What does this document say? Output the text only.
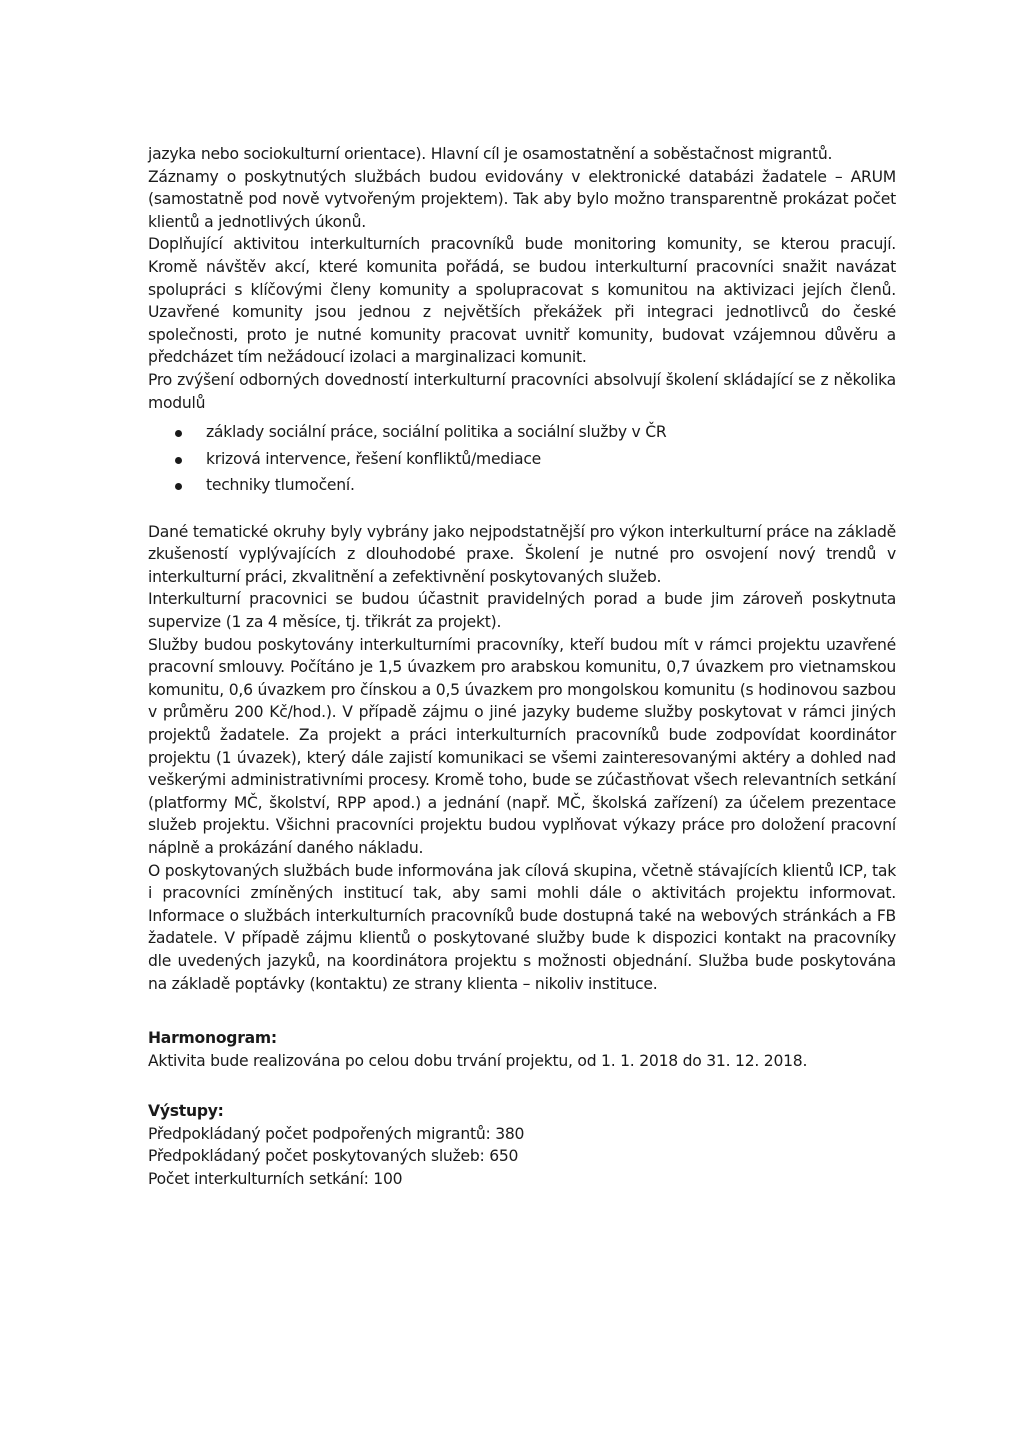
jazyka nebo sociokulturní orientace). Hlavní cíl je osamostatnění a soběstačnost migrantů.

Záznamy o poskytnutých službách budou evidovány v elektronické databázi žadatele – ARUM (samostatně pod nově vytvořeným projektem). Tak aby bylo možno transparentně prokázat počet klientů a jednotlivých úkonů.

Doplňující aktivitou interkulturních pracovníků bude monitoring komunity, se kterou pracují. Kromě návštěv akcí, které komunita pořádá, se budou interkulturní pracovníci snažit navázat spolupráci s klíčovými členy komunity a spolupracovat s komunitou na aktivizaci jejích členů. Uzavřené komunity jsou jednou z největších překážek při integraci jednotlivců do české společnosti, proto je nutné komunity pracovat uvnitř komunity, budovat vzájemnou důvěru a předcházet tím nežádoucí izolaci a marginalizaci komunit.

Pro zvýšení odborných dovedností interkulturní pracovníci absolvují školení skládající se z několika modulů

základy sociální práce, sociální politika a sociální služby v ČR
krizová intervence, řešení konfliktů/mediace
techniky tlumočení.

Dané tematické okruhy byly vybrány jako nejpodstatnější pro výkon interkulturní práce na základě zkušeností vyplývajících z dlouhodobé praxe. Školení je nutné pro osvojení nový trendů v interkulturní práci, zkvalitnění a zefektivnění poskytovaných služeb.

Interkulturní pracovnici se budou účastnit pravidelných porad a bude jim zároveň poskytnuta supervize (1 za 4 měsíce, tj. třikrát za projekt).

Služby budou poskytovány interkulturními pracovníky, kteří budou mít v rámci projektu uzavřené pracovní smlouvy. Počítáno je 1,5 úvazkem pro arabskou komunitu, 0,7 úvazkem pro vietnamskou komunitu, 0,6 úvazkem pro čínskou a 0,5 úvazkem pro mongolskou komunitu (s hodinovou sazbou v průměru 200 Kč/hod.). V případě zájmu o jiné jazyky budeme služby poskytovat v rámci jiných projektů žadatele. Za projekt a práci interkulturních pracovníků bude zodpovídat koordinátor projektu (1 úvazek), který dále zajistí komunikaci se všemi zainteresovanými aktéry a dohled nad veškerými administrativními procesy. Kromě toho, bude se zúčastňovat všech relevantních setkání (platformy MČ, školství, RPP apod.) a jednání (např. MČ, školská zařízení) za účelem prezentace služeb projektu. Všichni pracovníci projektu budou vyplňovat výkazy práce pro doložení pracovní náplně a prokázání daného nákladu.

O poskytovaných službách bude informována jak cílová skupina, včetně stávajících klientů ICP, tak i pracovníci zmíněných institucí tak, aby sami mohli dále o aktivitách projektu informovat. Informace o službách interkulturních pracovníků bude dostupná také na webových stránkách a FB žadatele. V případě zájmu klientů o poskytované služby bude k dispozici kontakt na pracovníky dle uvedených jazyků, na koordinátora projektu s možnosti objednání. Služba bude poskytována na základě poptávky (kontaktu) ze strany klienta – nikoliv instituce.

Harmonogram:

Aktivita bude realizována po celou dobu trvání projektu, od 1. 1. 2018 do 31. 12. 2018.

Výstupy:

Předpokládaný počet podpořených migrantů: 380

Předpokládaný počet poskytovaných služeb: 650

Počet interkulturních setkání: 100
